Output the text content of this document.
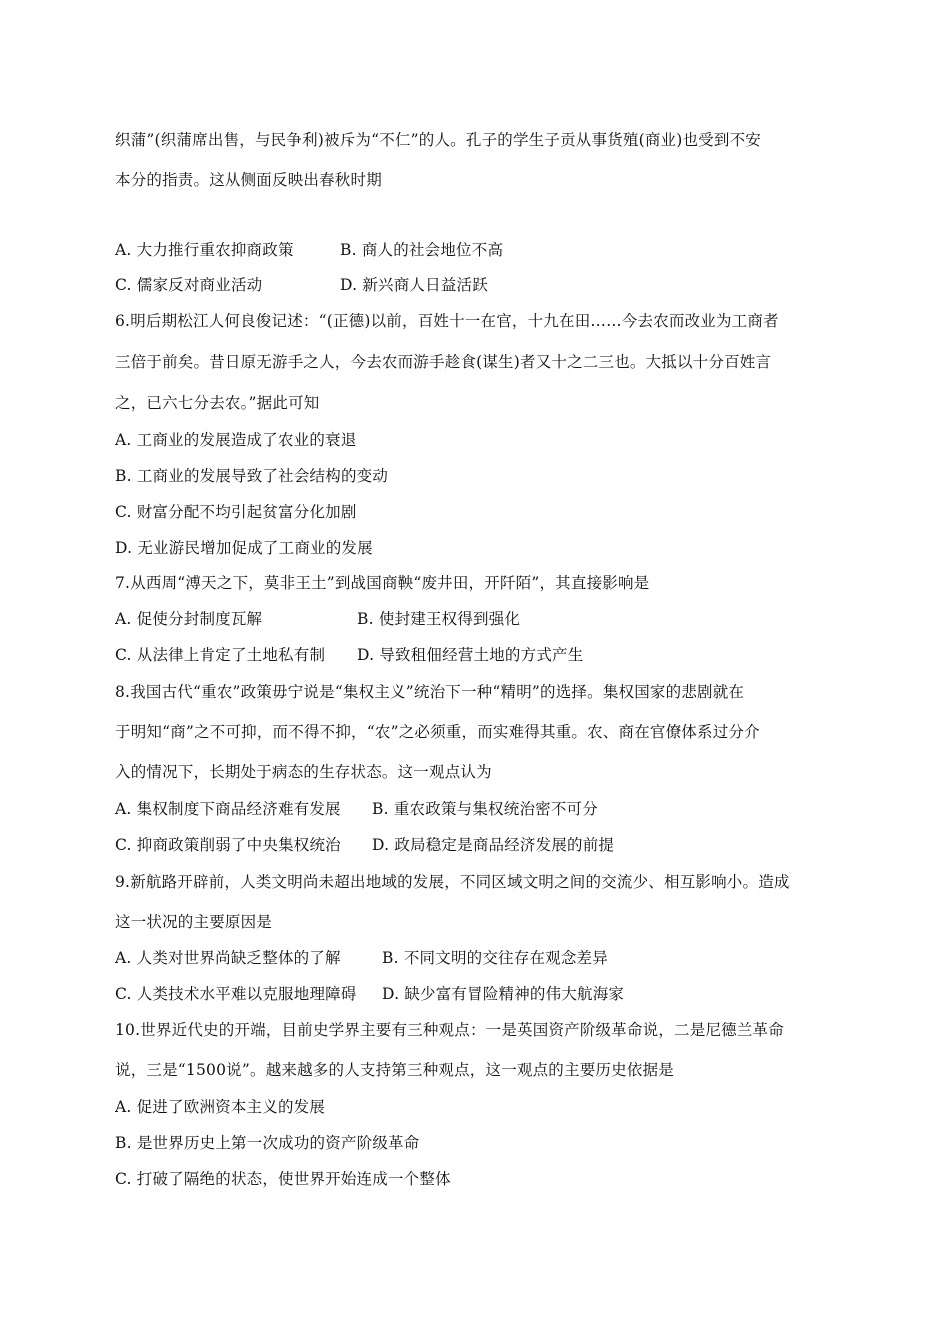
织蒲”(织蒲席出售，与民争利)被斥为“不仁”的人。孔子的学生子贡从事货殖(商业)也受到不安
本分的指责。这从侧面反映出春秋时期
A. 大力推行重农抑商政策	B. 商人的社会地位不高
C. 儒家反对商业活动	D. 新兴商人日益活跃
6.明后期松江人何良俊记述：“(正德)以前，百姓十一在官，十九在田……今去农而改业为工商者
三倍于前矣。昔日原无游手之人，今去农而游手趁食(谋生)者又十之二三也。大抵以十分百姓言
之，已六七分去农。”据此可知
A. 工商业的发展造成了农业的衰退
B. 工商业的发展导致了社会结构的变动
C. 财富分配不均引起贫富分化加剧
D. 无业游民增加促成了工商业的发展
7.从西周“溥天之下，莫非王土”到战国商鞅“废井田，开阡陌”，其直接影响是
A. 促使分封制度瓦解	B. 使封建王权得到强化
C. 从法律上肯定了土地私有制 D. 导致租佃经营土地的方式产生
8.我国古代“重农”政策毋宁说是“集权主义”统治下一种“精明”的选择。集权国家的悲剧就在
于明知“商”之不可抑，而不得不抑，“农”之必须重，而实难得其重。农、商在官僚体系过分介
入的情况下，长期处于病态的生存状态。这一观点认为
A. 集权制度下商品经济难有发展 B. 重农政策与集权统治密不可分
C. 抑商政策削弱了中央集权统治 D. 政局稳定是商品经济发展的前提
9.新航路开辟前，人类文明尚未超出地域的发展，不同区域文明之间的交流少、相互影响小。造成
这一状况的主要原因是
A. 人类对世界尚缺乏整体的了解	B. 不同文明的交往存在观念差异
C. 人类技术水平难以克服地理障碍 D. 缺少富有冒险精神的伟大航海家
10.世界近代史的开端，目前史学界主要有三种观点：一是英国资产阶级革命说，二是尼德兰革命
说，三是“1500说”。越来越多的人支持第三种观点，这一观点的主要历史依据是
A. 促进了欧洲资本主义的发展
B. 是世界历史上第一次成功的资产阶级革命
C. 打破了隔绝的状态，使世界开始连成一个整体
